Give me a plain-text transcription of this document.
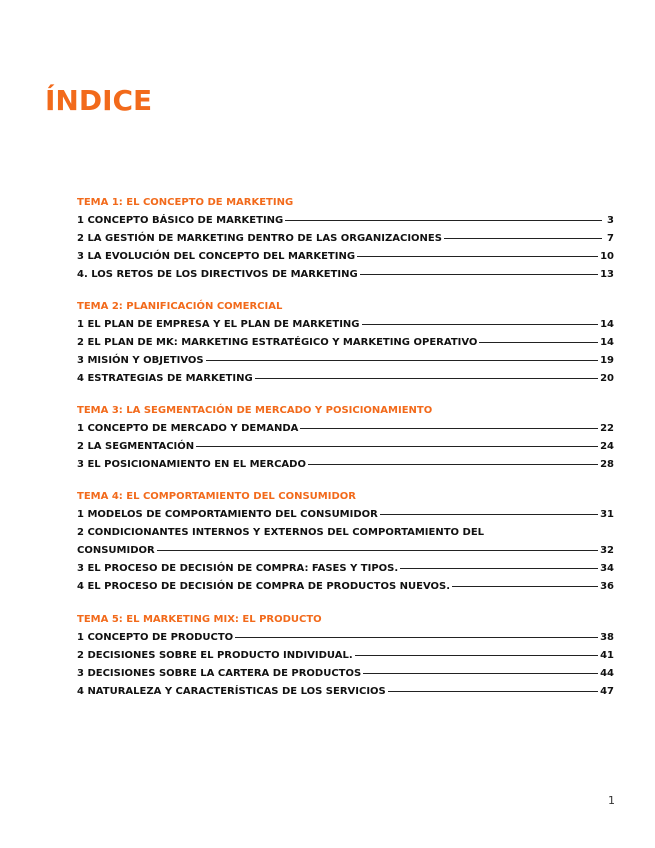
ÍNDICE
TEMA 1: EL CONCEPTO DE MARKETING
1 CONCEPTO BÁSICO DE MARKETING	3
2 LA GESTIÓN DE MARKETING DENTRO DE LAS ORGANIZACIONES	7
3 LA EVOLUCIÓN DEL CONCEPTO DEL MARKETING	10
4. LOS RETOS DE LOS DIRECTIVOS DE MARKETING	13
TEMA 2: PLANIFICACIÓN COMERCIAL
1 EL PLAN DE EMPRESA Y EL PLAN DE MARKETING	14
2 EL PLAN DE MK: MARKETING ESTRATÉGICO Y MARKETING OPERATIVO	14
3 MISIÓN Y OBJETIVOS	19
4 ESTRATEGIAS DE MARKETING	20
TEMA 3: LA SEGMENTACIÓN DE MERCADO Y POSICIONAMIENTO
1 CONCEPTO DE MERCADO Y DEMANDA	22
2 LA SEGMENTACIÓN	24
3 EL POSICIONAMIENTO EN EL MERCADO	28
TEMA 4: EL COMPORTAMIENTO DEL CONSUMIDOR
1 MODELOS DE COMPORTAMIENTO DEL CONSUMIDOR	31
2 CONDICIONANTES INTERNOS Y EXTERNOS DEL COMPORTAMIENTO DEL
CONSUMIDOR	32
3 EL PROCESO DE DECISIÓN DE COMPRA: FASES Y TIPOS.	34
4 EL PROCESO DE DECISIÓN DE COMPRA DE PRODUCTOS NUEVOS.	36
TEMA 5: EL MARKETING MIX: EL PRODUCTO
1 CONCEPTO DE PRODUCTO	38
2 DECISIONES SOBRE EL PRODUCTO INDIVIDUAL.	41
3 DECISIONES SOBRE LA CARTERA DE PRODUCTOS	44
4 NATURALEZA Y CARACTERÍSTICAS DE LOS SERVICIOS	47
1
